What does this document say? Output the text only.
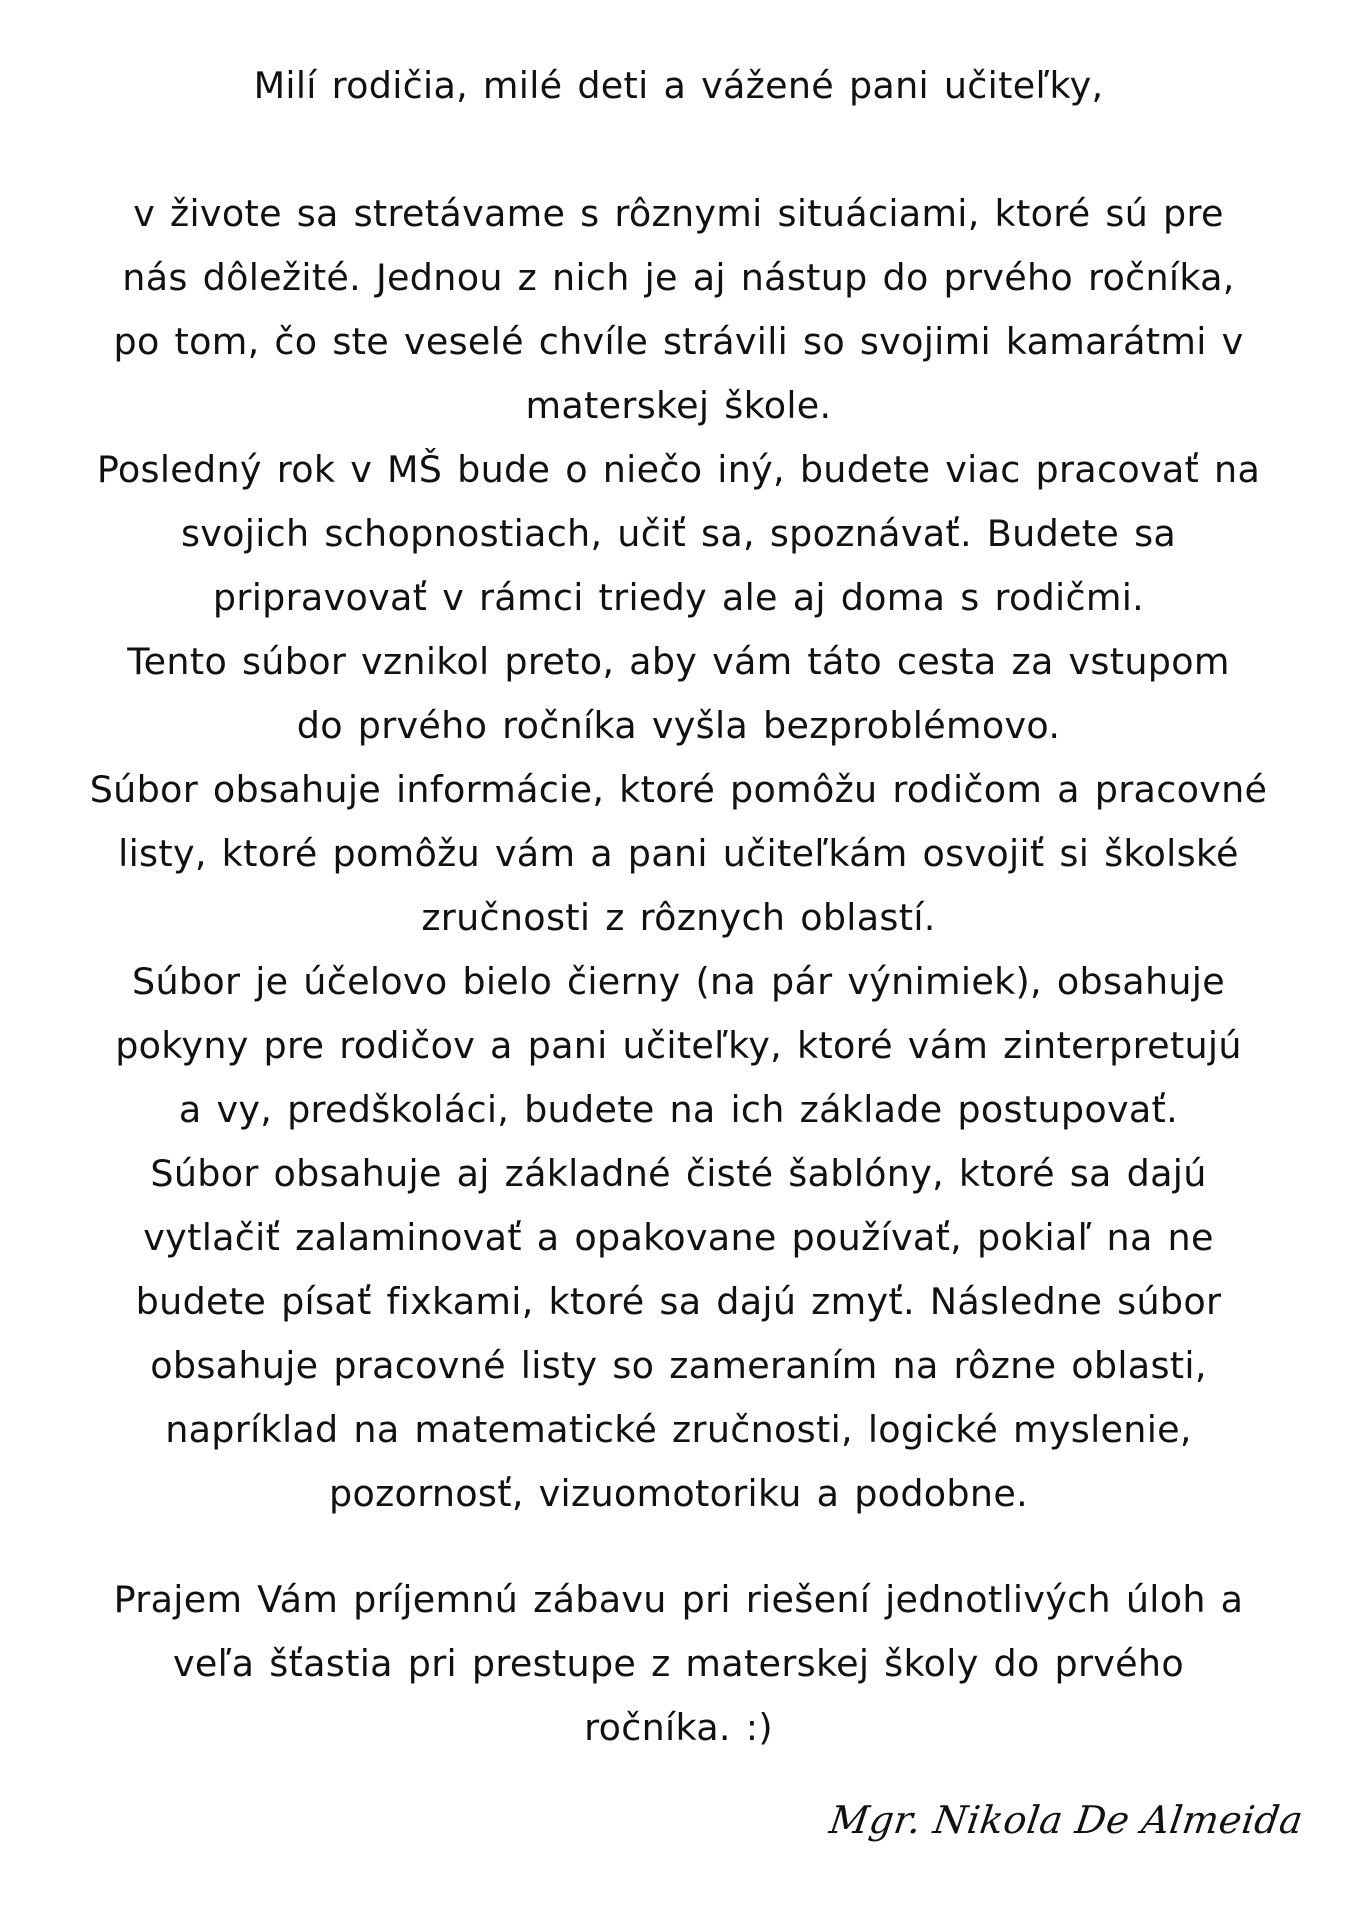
Milí rodičia, milé deti a vážené pani učiteľky,
v živote sa stretávame s rôznymi situáciami, ktoré sú pre
nás dôležité. Jednou z nich je aj nástup do prvého ročníka,
po tom, čo ste veselé chvíle strávili so svojimi kamarátmi v
materskej škole.
Posledný rok v MŠ bude o niečo iný, budete viac pracovať na
svojich schopnostiach, učiť sa, spoznávať. Budete sa
pripravovať v rámci triedy ale aj doma s rodičmi.
Tento súbor vznikol preto, aby vám táto cesta za vstupom
do prvého ročníka vyšla bezproblémovo.
Súbor obsahuje informácie, ktoré pomôžu rodičom a pracovné
listy, ktoré pomôžu vám a pani učiteľkám osvojiť si školské
zručnosti z rôznych oblastí.
Súbor je účelovo bielo čierny (na pár výnimiek), obsahuje
pokyny pre rodičov a pani učiteľky, ktoré vám zinterpretujú
a vy, predškoláci, budete na ich základe postupovať.
Súbor obsahuje aj základné čisté šablóny, ktoré sa dajú
vytlačiť zalaminovať a opakovane používať, pokiaľ na ne
budete písať fixkami, ktoré sa dajú zmyť. Následne súbor
obsahuje pracovné listy so zameraním na rôzne oblasti,
napríklad na matematické zručnosti, logické myslenie,
pozornosť, vizuomotoriku a podobne.
Prajem Vám príjemnú zábavu pri riešení jednotlivých úloh a
veľa šťastia pri prestupe z materskej školy do prvého
ročníka. :)
Mgr. Nikola De Almeida
